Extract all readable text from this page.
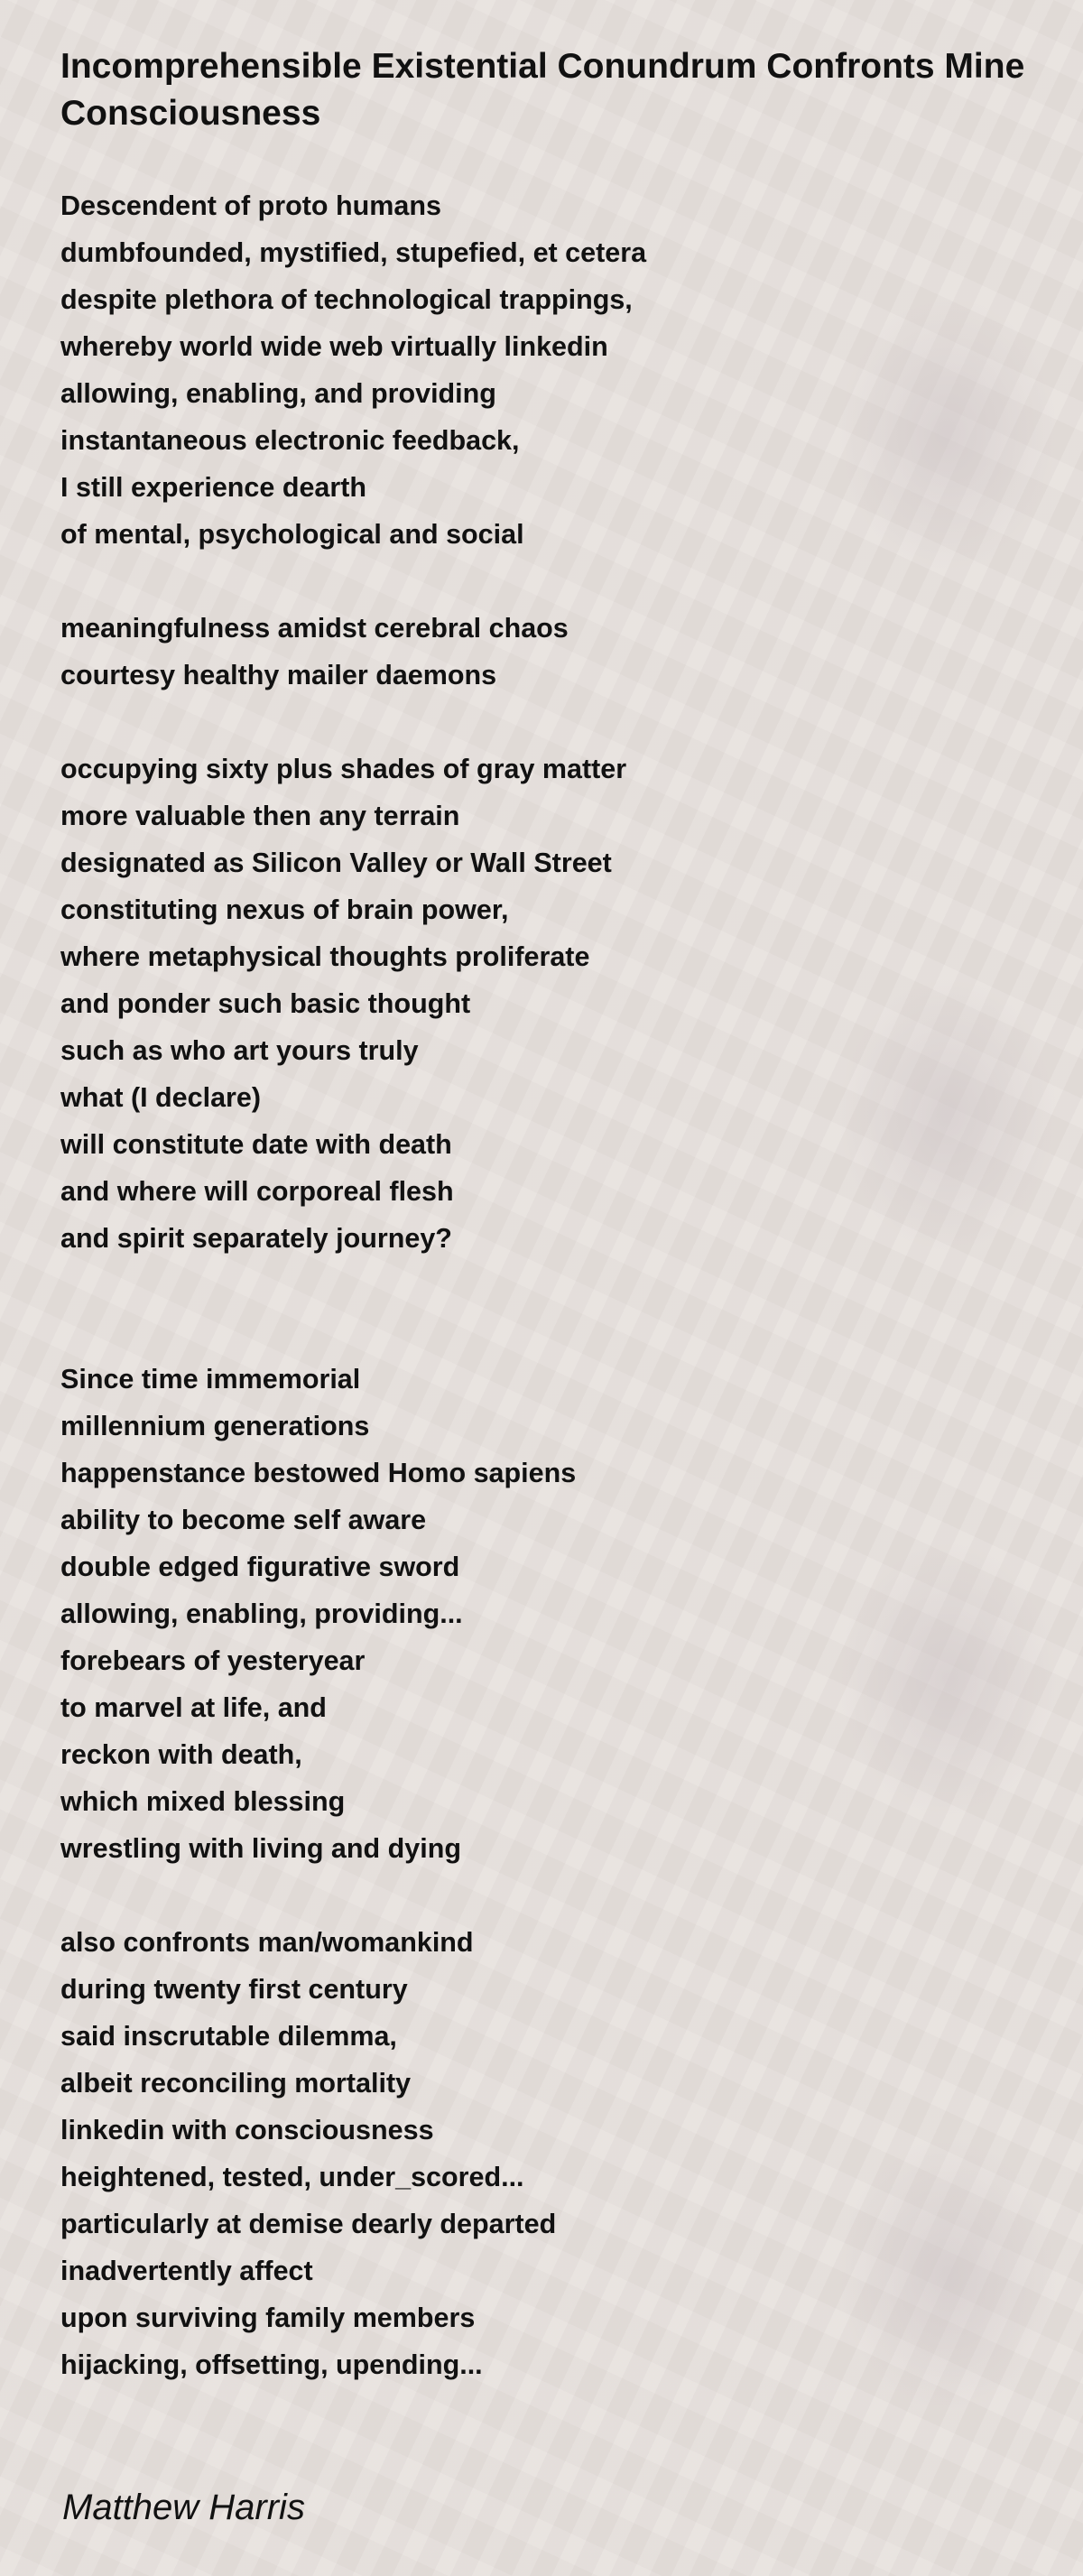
Incomprehensible Existential Conundrum Confronts Mine Consciousness
Descendent of proto humans
dumbfounded, mystified, stupefied, et cetera
despite plethora of technological trappings,
whereby world wide web virtually linkedin
allowing, enabling, and providing
instantaneous electronic feedback,
I still experience dearth
of mental, psychological and social
meaningfulness amidst cerebral chaos
courtesy healthy mailer daemons
occupying sixty plus shades of gray matter
more valuable then any terrain
designated as Silicon Valley or Wall Street
constituting nexus of brain power,
where metaphysical thoughts proliferate
and ponder such basic thought
such as who art yours truly
what (I declare)
will constitute date with death
and where will corporeal flesh
and spirit separately journey?
Since time immemorial
millennium generations
happenstance bestowed Homo sapiens
ability to become self aware
double edged figurative sword
allowing, enabling, providing...
forebears of yesteryear
to marvel at life, and
reckon with death,
which mixed blessing
wrestling with living and dying
also confronts man/womankind
during twenty first century
said inscrutable dilemma,
albeit reconciling mortality
linkedin with consciousness
heightened, tested, under_scored...
particularly at demise dearly departed
inadvertently affect
upon surviving family members
hijacking, offsetting, upending...

Matthew Harris
